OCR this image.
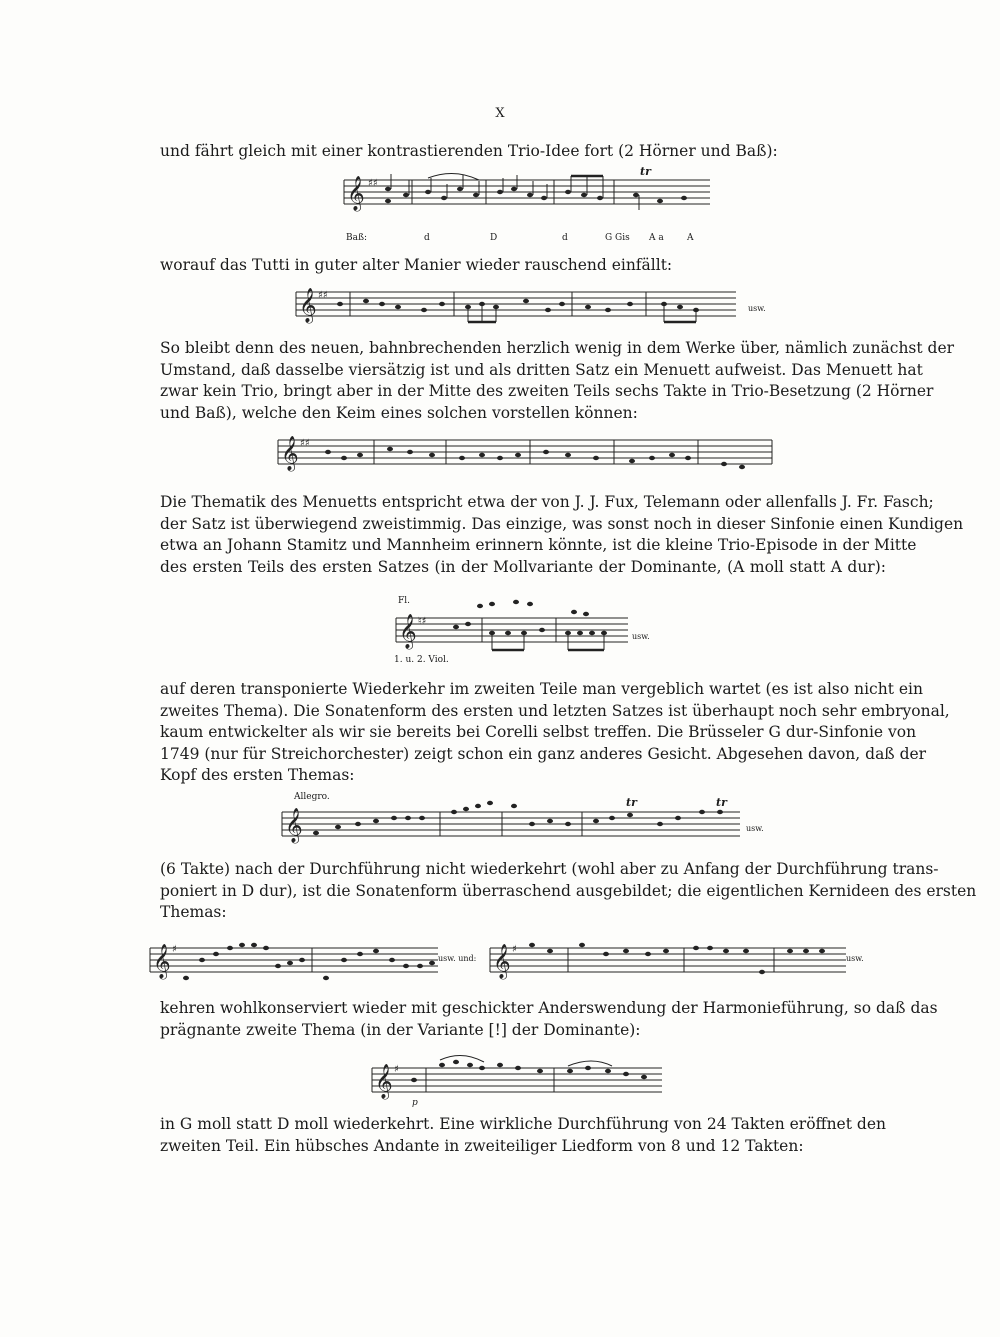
X
und fährt gleich mit einer kontrastierenden Trio-Idee fort (2 Hörner und Baß):
𝄞 ♯♯
tr
Baß:	d	D	d	G Gis A a	A
worauf das Tutti in guter alter Manier wieder rauschend einfällt:
𝄞 ♯♯
usw.
So bleibt denn des neuen, bahnbrechenden herzlich wenig in dem Werke über, nämlich zunächst der
Umstand, daß dasselbe viersätzig ist und als dritten Satz ein Menuett aufweist. Das Menuett hat
zwar kein Trio, bringt aber in der Mitte des zweiten Teils sechs Takte in Trio-Besetzung (2 Hörner
und Baß), welche den Keim eines solchen vorstellen können:
𝄞 ♯♯
Die Thematik des Menuetts entspricht etwa der von J. J. Fux, Telemann oder allenfalls J. Fr. Fasch;
der Satz ist überwiegend zweistimmig. Das einzige, was sonst noch in dieser Sinfonie einen Kundigen
etwa an Johann Stamitz und Mannheim erinnern könnte, ist die kleine Trio-Episode in der Mitte
des ersten Teils des ersten Satzes (in der Mollvariante der Dominante, (A moll statt A dur):
𝄞 ♮♯
Fl.
1. u. 2. Viol.
usw.
auf deren transponierte Wiederkehr im zweiten Teile man vergeblich wartet (es ist also nicht ein
zweites Thema). Die Sonatenform des ersten und letzten Satzes ist überhaupt noch sehr embryonal,
kaum entwickelter als wir sie bereits bei Corelli selbst treffen. Die Brüsseler G dur-Sinfonie von
1749 (nur für Streichorchester) zeigt schon ein ganz anderes Gesicht. Abgesehen davon, daß der
Kopf des ersten Themas:
𝄞
Allegro.	tr	tr
usw.
(6 Takte) nach der Durchführung nicht wiederkehrt (wohl aber zu Anfang der Durchführung trans-
poniert in D dur), ist die Sonatenform überraschend ausgebildet; die eigentlichen Kernideen des ersten
Themas:
𝄞 ♯	𝄞 ♯
usw. und:	usw.
kehren wohlkonserviert wieder mit geschickter Anderswendung der Harmonieführung, so daß das
prägnante zweite Thema (in der Variante [!] der Dominante):
𝄞 ♯
p
in G moll statt D moll wiederkehrt. Eine wirkliche Durchführung von 24 Takten eröffnet den
zweiten Teil. Ein hübsches Andante in zweiteiliger Liedform von 8 und 12 Takten:
